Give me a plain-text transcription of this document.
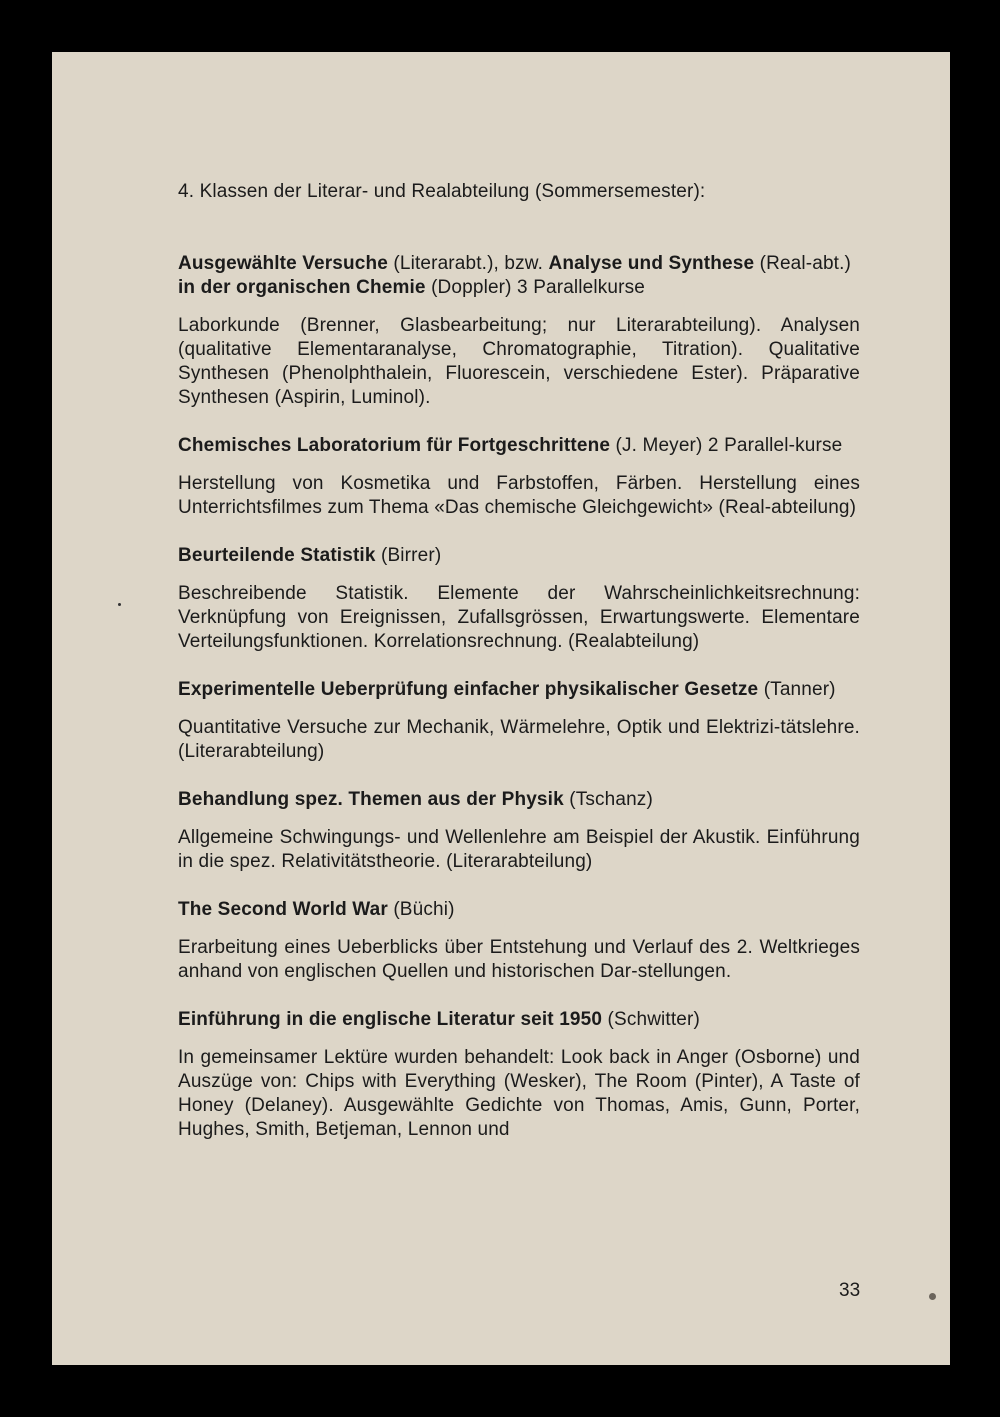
4. Klassen der Literar- und Realabteilung (Sommersemester):

Ausgewählte Versuche (Literarabt.), bzw. Analyse und Synthese (Real-abt.) in der organischen Chemie (Doppler) 3 Parallelkurse

Laborkunde (Brenner, Glasbearbeitung; nur Literarabteilung). Analysen (qualitative Elementaranalyse, Chromatographie, Titration). Qualitative Synthesen (Phenolphthalein, Fluorescein, verschiedene Ester). Präparative Synthesen (Aspirin, Luminol).

Chemisches Laboratorium für Fortgeschrittene (J. Meyer) 2 Parallel-kurse

Herstellung von Kosmetika und Farbstoffen, Färben. Herstellung eines Unterrichtsfilmes zum Thema «Das chemische Gleichgewicht» (Real-abteilung)

Beurteilende Statistik (Birrer)

Beschreibende Statistik. Elemente der Wahrscheinlichkeitsrechnung: Verknüpfung von Ereignissen, Zufallsgrössen, Erwartungswerte. Elementare Verteilungsfunktionen. Korrelationsrechnung. (Realabteilung)

Experimentelle Ueberprüfung einfacher physikalischer Gesetze (Tanner)

Quantitative Versuche zur Mechanik, Wärmelehre, Optik und Elektrizi-tätslehre. (Literarabteilung)

Behandlung spez. Themen aus der Physik (Tschanz)

Allgemeine Schwingungs- und Wellenlehre am Beispiel der Akustik. Einführung in die spez. Relativitätstheorie. (Literarabteilung)

The Second World War (Büchi)

Erarbeitung eines Ueberblicks über Entstehung und Verlauf des 2. Weltkrieges anhand von englischen Quellen und historischen Dar-stellungen.

Einführung in die englische Literatur seit 1950 (Schwitter)

In gemeinsamer Lektüre wurden behandelt: Look back in Anger (Osborne) und Auszüge von: Chips with Everything (Wesker), The Room (Pinter), A Taste of Honey (Delaney). Ausgewählte Gedichte von Thomas, Amis, Gunn, Porter, Hughes, Smith, Betjeman, Lennon und

33
